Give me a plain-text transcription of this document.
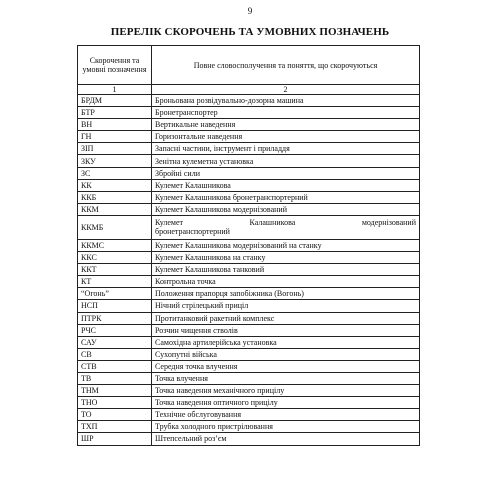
9
ПЕРЕЛІК СКОРОЧЕНЬ ТА УМОВНИХ ПОЗНАЧЕНЬ
Скорочення та умовні позначення	Повне словосполучення та поняття, що скорочуються
1	2
БРДМ	Броньована розвідувально-дозорна машина
БТР	Бронетранспортер
ВН	Вертикальне наведення
ГН	Горизонтальне наведення
ЗІП	Запасні частини, інструмент і приладдя
ЗКУ	Зенітна кулеметна установка
ЗС	Збройні сили
КК	Кулемет Калашникова
ККБ	Кулемет Калашникова бронетранспортерний
ККМ	Кулемет Калашникова модернізований
ККМБ	Кулемет Калашникова модернізований
бронетранспортерний

ККМС	Кулемет Калашникова модернізований на станку
ККС	Кулемет Калашникова на станку
ККТ	Кулемет Калашникова танковий
КТ	Контрольна точка
“Огонь”	Положення прапорця запобіжника (Вогонь)
НСП	Нічний стрілецький приціл
ПТРК	Протитанковий ракетний комплекс
РЧС	Розчин чищення стволів
САУ	Самохідна артилерійська установка
СВ	Сухопутні війська
СТВ	Середня точка влучення
ТВ	Точка влучення
ТНМ	Точка наведення механічного прицілу
ТНО	Точка наведення оптичного прицілу
ТО	Технічне обслуговування
ТХП	Трубка холодного пристрілювання
ШР	Штепсельний роз’єм
